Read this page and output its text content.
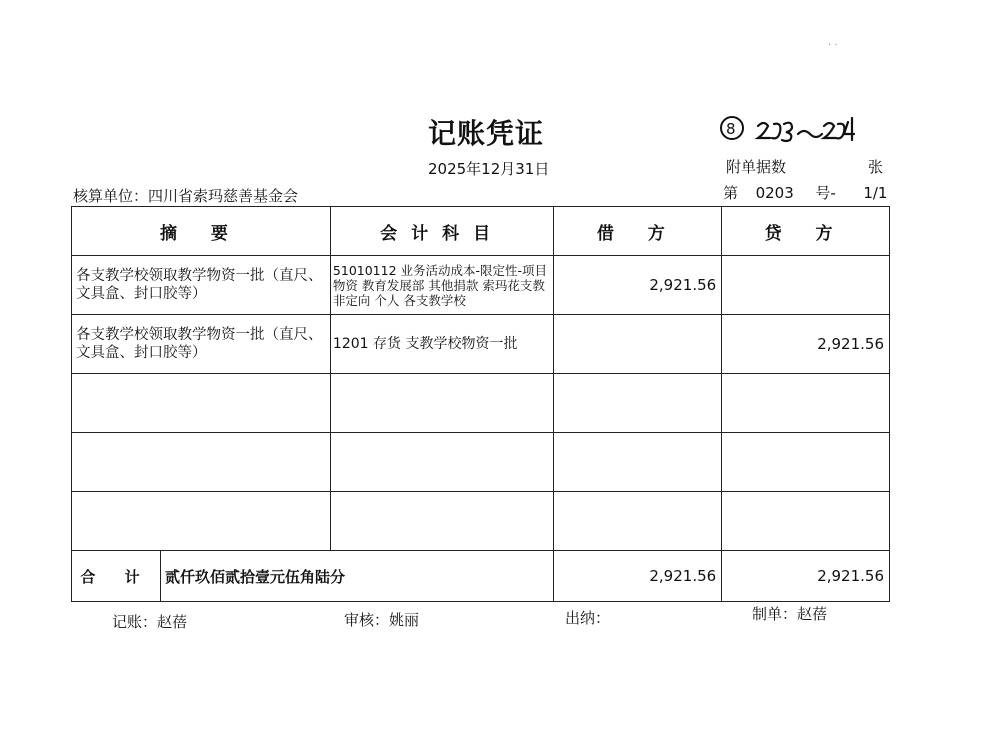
· ·
记账凭证	8
2025年12月31日	附单据数	张
第 0203 号- 1/1
核算单位：四川省索玛慈善基金会
摘 要	会计科目	借 方	贷 方
各支教学校领取教学物资一批（直尺、文具盒、封口胶等）	51010112 业务活动成本-限定性-项目物资 教育发展部 其他捐款 索玛花支教 非定向 个人 各支教学校	2,921.56	
各支教学校领取教学物资一批（直尺、文具盒、封口胶等）	1201 存货 支教学校物资一批		2,921.56

合 计 贰仟玖佰贰拾壹元伍角陆分		2,921.56	2,921.56
记账：赵蓓	审核：姚丽	出纳：	制单：赵蓓
